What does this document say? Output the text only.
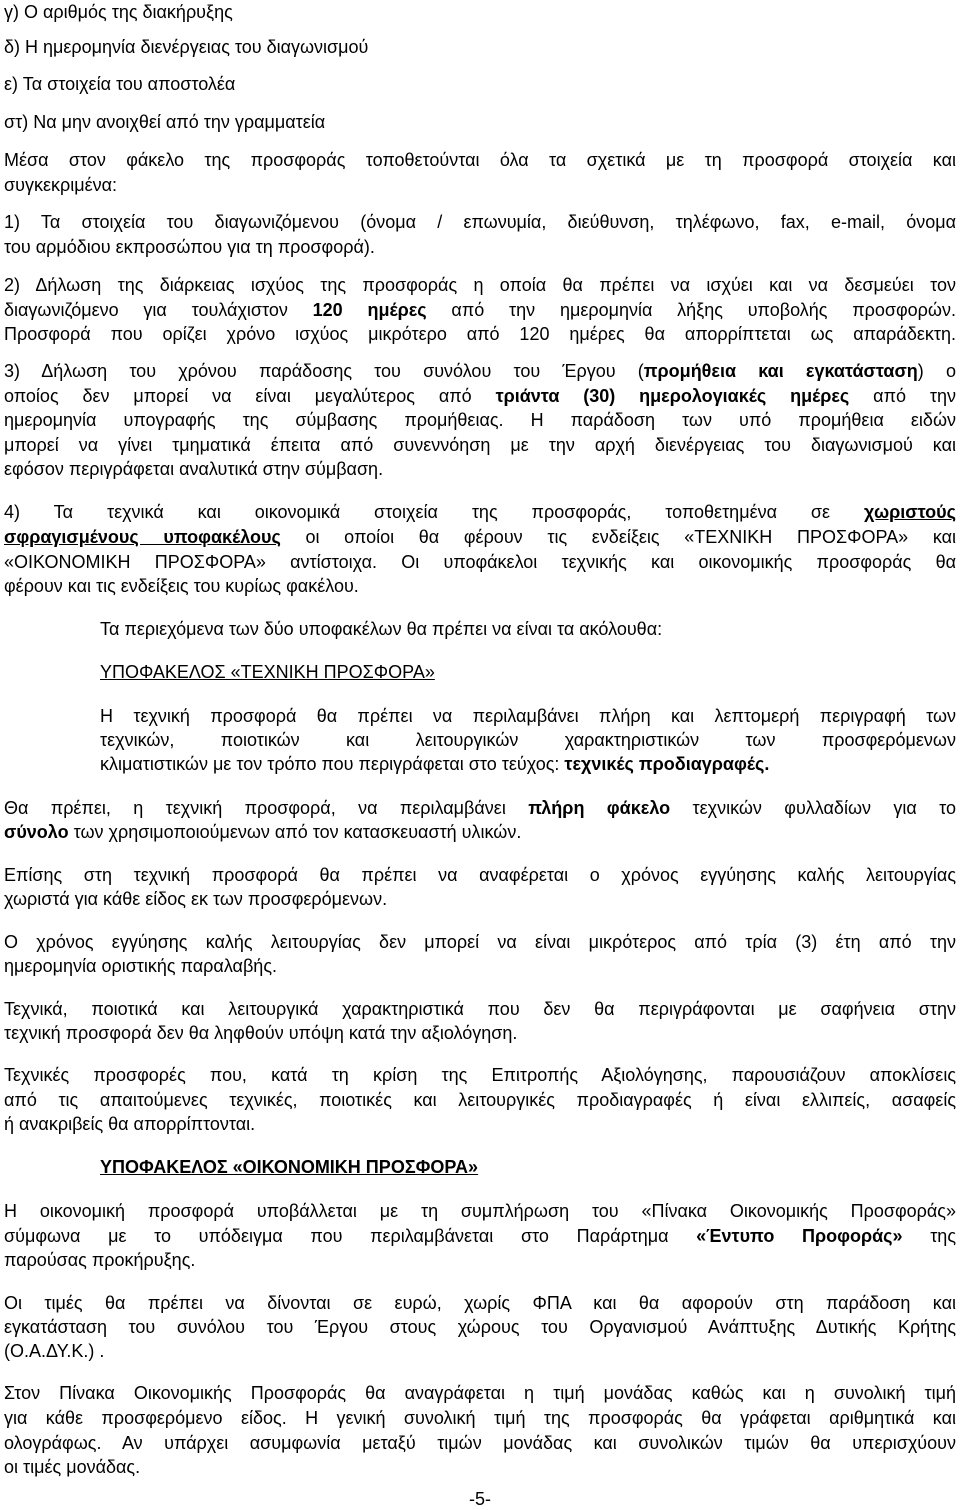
γ) Ο αριθμός της διακήρυξης
δ) Η ημερομηνία διενέργειας του διαγωνισμού
ε) Τα στοιχεία του αποστολέα
στ) Να μην ανοιχθεί από την γραμματεία
Μέσα στον φάκελο της προσφοράς τοποθετούνται όλα τα σχετικά με τη προσφορά στοιχεία και
συγκεκριμένα:
1) Τα στοιχεία του διαγωνιζόμενου (όνομα / επωνυμία, διεύθυνση, τηλέφωνο, fax, e-mail, όνομα
του αρμόδιου εκπροσώπου για τη προσφορά).
2) Δήλωση της διάρκειας ισχύος της προσφοράς η οποία θα πρέπει να ισχύει και να δεσμεύει τον
διαγωνιζόμενο για τουλάχιστον 120 ημέρες από την ημερομηνία λήξης υποβολής προσφορών.
Προσφορά που ορίζει χρόνο ισχύος μικρότερο από 120 ημέρες θα απορρίπτεται ως απαράδεκτη.
3) Δήλωση του χρόνου παράδοσης του συνόλου του Έργου (προμήθεια και εγκατάσταση) ο
οποίος δεν μπορεί να είναι μεγαλύτερος από τριάντα (30) ημερολογιακές ημέρες από την
ημερομηνία υπογραφής της σύμβασης προμήθειας. Η παράδοση των υπό προμήθεια ειδών
μπορεί να γίνει τμηματικά έπειτα από συνεννόηση με την αρχή διενέργειας του διαγωνισμού και
εφόσον περιγράφεται αναλυτικά στην σύμβαση.
4) Τα τεχνικά και οικονομικά στοιχεία της προσφοράς, τοποθετημένα σε χωριστούς
σφραγισμένους υποφακέλους οι οποίοι θα φέρουν τις ενδείξεις «ΤΕΧΝΙΚΗ ΠΡΟΣΦΟΡΑ» και
«ΟΙΚΟΝΟΜΙΚΗ ΠΡΟΣΦΟΡΑ» αντίστοιχα. Οι υποφάκελοι τεχνικής και οικονομικής προσφοράς θα
φέρουν και τις ενδείξεις του κυρίως φακέλου.
Τα περιεχόμενα των δύο υποφακέλων θα πρέπει να είναι τα ακόλουθα:
ΥΠΟΦΑΚΕΛΟΣ «ΤΕΧΝΙΚΗ ΠΡΟΣΦΟΡΑ»
Η τεχνική προσφορά θα πρέπει να περιλαμβάνει πλήρη και λεπτομερή περιγραφή των
τεχνικών, ποιοτικών και λειτουργικών χαρακτηριστικών των προσφερόμενων
κλιματιστικών με τον τρόπο που περιγράφεται στο τεύχος: τεχνικές προδιαγραφές.
Θα πρέπει, η τεχνική προσφορά, να περιλαμβάνει πλήρη φάκελο τεχνικών φυλλαδίων για το
σύνολο των χρησιμοποιούμενων από τον κατασκευαστή υλικών.
Επίσης στη τεχνική προσφορά θα πρέπει να αναφέρεται ο χρόνος εγγύησης καλής λειτουργίας
χωριστά για κάθε είδος εκ των προσφερόμενων.
Ο χρόνος εγγύησης καλής λειτουργίας δεν μπορεί να είναι μικρότερος από τρία (3) έτη από την
ημερομηνία οριστικής παραλαβής.
Τεχνικά, ποιοτικά και λειτουργικά χαρακτηριστικά που δεν θα περιγράφονται με σαφήνεια στην
τεχνική προσφορά δεν θα ληφθούν υπόψη κατά την αξιολόγηση.
Τεχνικές προσφορές που, κατά τη κρίση της Επιτροπής Αξιολόγησης, παρουσιάζουν αποκλίσεις
από τις απαιτούμενες τεχνικές, ποιοτικές και λειτουργικές προδιαγραφές ή είναι ελλιπείς, ασαφείς
ή ανακριβείς θα απορρίπτονται.
ΥΠΟΦΑΚΕΛΟΣ «ΟΙΚΟΝΟΜΙΚΗ ΠΡΟΣΦΟΡΑ»
Η οικονομική προσφορά υποβάλλεται με τη συμπλήρωση του «Πίνακα Οικονομικής Προσφοράς»
σύμφωνα με το υπόδειγμα που περιλαμβάνεται στο Παράρτημα «Έντυπο Προφοράς» της
παρούσας προκήρυξης.
Οι τιμές θα πρέπει να δίνονται σε ευρώ, χωρίς ΦΠΑ και θα αφορούν στη παράδοση και
εγκατάσταση του συνόλου του Έργου στους χώρους του Οργανισμού Ανάπτυξης Δυτικής Κρήτης
(Ο.Α.ΔΥ.Κ.) .
Στον Πίνακα Οικονομικής Προσφοράς θα αναγράφεται η τιμή μονάδας καθώς και η συνολική τιμή
για κάθε προσφερόμενο είδος. Η γενική συνολική τιμή της προσφοράς θα γράφεται αριθμητικά και
ολογράφως. Αν υπάρχει ασυμφωνία μεταξύ τιμών μονάδας και συνολικών τιμών θα υπερισχύουν
οι τιμές μονάδας.
-5-
